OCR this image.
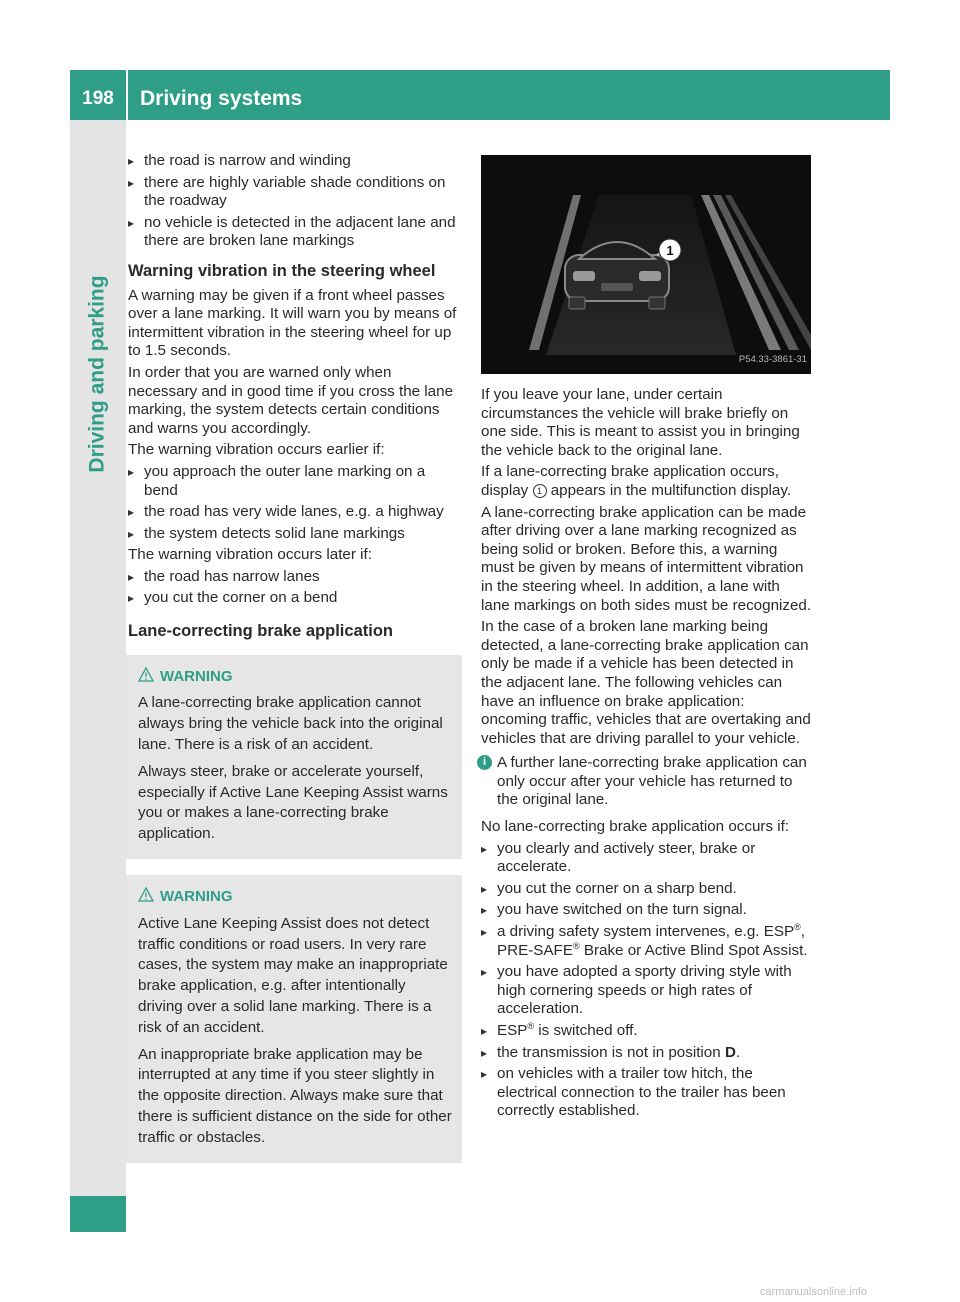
198	Driving systems
Driving and parking

▸ the road is narrow and winding

▸ there are highly variable shade conditions on the roadway

▸ no vehicle is detected in the adjacent lane and there are broken lane markings

Warning vibration in the steering wheel

A warning may be given if a front wheel passes over a lane marking. It will warn you by means of intermittent vibration in the steering wheel for up to 1.5 seconds.

In order that you are warned only when necessary and in good time if you cross the lane marking, the system detects certain conditions and warns you accordingly.

The warning vibration occurs earlier if:

▸ you approach the outer lane marking on a bend

▸ the road has very wide lanes, e.g. a highway

▸ the system detects solid lane markings

The warning vibration occurs later if:

▸ the road has narrow lanes

▸ you cut the corner on a bend

Lane-correcting brake application

WARNING

A lane-correcting brake application cannot always bring the vehicle back into the original lane. There is a risk of an accident.

Always steer, brake or accelerate yourself, especially if Active Lane Keeping Assist warns you or makes a lane-correcting brake application.

WARNING

Active Lane Keeping Assist does not detect traffic conditions or road users. In very rare cases, the system may make an inappropriate brake application, e.g. after intentionally driving over a solid lane marking. There is a risk of an accident.

An inappropriate brake application may be interrupted at any time if you steer slightly in the opposite direction. Always make sure that there is sufficient distance on the side for other traffic or obstacles.

1
P54.33-3861-31

If you leave your lane, under certain circumstances the vehicle will brake briefly on one side. This is meant to assist you in bringing the vehicle back to the original lane.

If a lane-correcting brake application occurs, display 1 appears in the multifunction display.

A lane-correcting brake application can be made after driving over a lane marking recognized as being solid or broken. Before this, a warning must be given by means of intermittent vibration in the steering wheel. In addition, a lane with lane markings on both sides must be recognized.

In the case of a broken lane marking being detected, a lane-correcting brake application can only be made if a vehicle has been detected in the adjacent lane. The following vehicles can have an influence on brake application: oncoming traffic, vehicles that are overtaking and vehicles that are driving parallel to your vehicle.

i A further lane-correcting brake application can only occur after your vehicle has returned to the original lane.

No lane-correcting brake application occurs if:

▸ you clearly and actively steer, brake or accelerate.

▸ you cut the corner on a sharp bend.

▸ you have switched on the turn signal.

▸ a driving safety system intervenes, e.g. ESP®, PRE-SAFE® Brake or Active Blind Spot Assist.

▸ you have adopted a sporty driving style with high cornering speeds or high rates of acceleration.

▸ ESP® is switched off.

▸ the transmission is not in position D.

▸ on vehicles with a trailer tow hitch, the electrical connection to the trailer has been correctly established.

carmanualsonline.info
